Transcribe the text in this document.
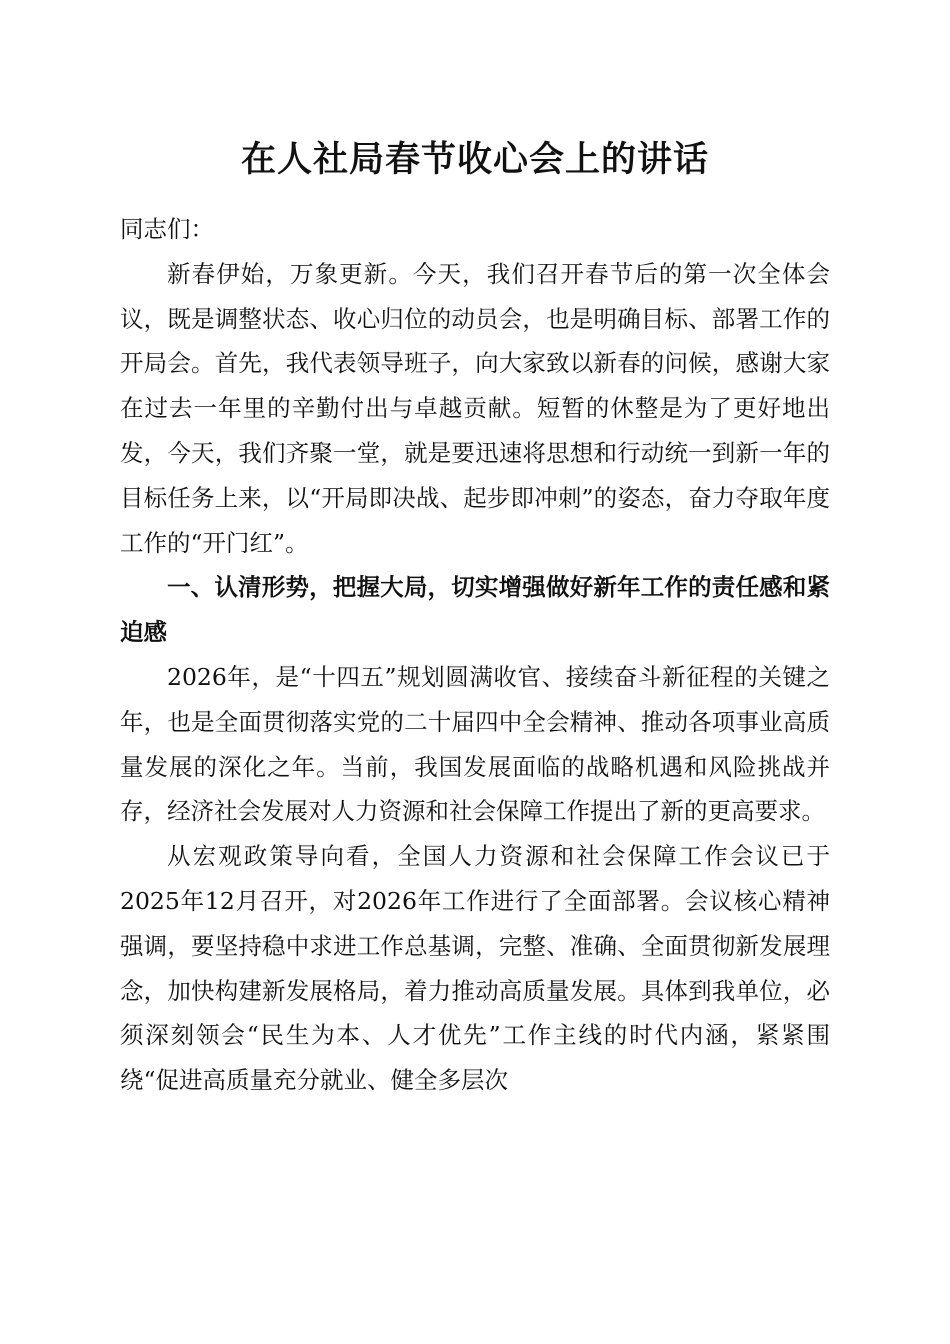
在人社局春节收心会上的讲话

同志们：

新春伊始，万象更新。今天，我们召开春节后的第一次全体会议，既是调整状态、收心归位的动员会，也是明确目标、部署工作的开局会。首先，我代表领导班子，向大家致以新春的问候，感谢大家在过去一年里的辛勤付出与卓越贡献。短暂的休整是为了更好地出发，今天，我们齐聚一堂，就是要迅速将思想和行动统一到新一年的目标任务上来，以“开局即决战、起步即冲刺”的姿态，奋力夺取年度工作的“开门红”。

一、认清形势，把握大局，切实增强做好新年工作的责任感和紧迫感

2026年，是“十四五”规划圆满收官、接续奋斗新征程的关键之年，也是全面贯彻落实党的二十届四中全会精神、推动各项事业高质量发展的深化之年。当前，我国发展面临的战略机遇和风险挑战并存，经济社会发展对人力资源和社会保障工作提出了新的更高要求。

从宏观政策导向看，全国人力资源和社会保障工作会议已于2025年12月召开，对2026年工作进行了全面部署。会议核心精神强调，要坚持稳中求进工作总基调，完整、准确、全面贯彻新发展理念，加快构建新发展格局，着力推动高质量发展。具体到我单位，必须深刻领会“民生为本、人才优先”工作主线的时代内涵，紧紧围绕“促进高质量充分就业、健全多层次
